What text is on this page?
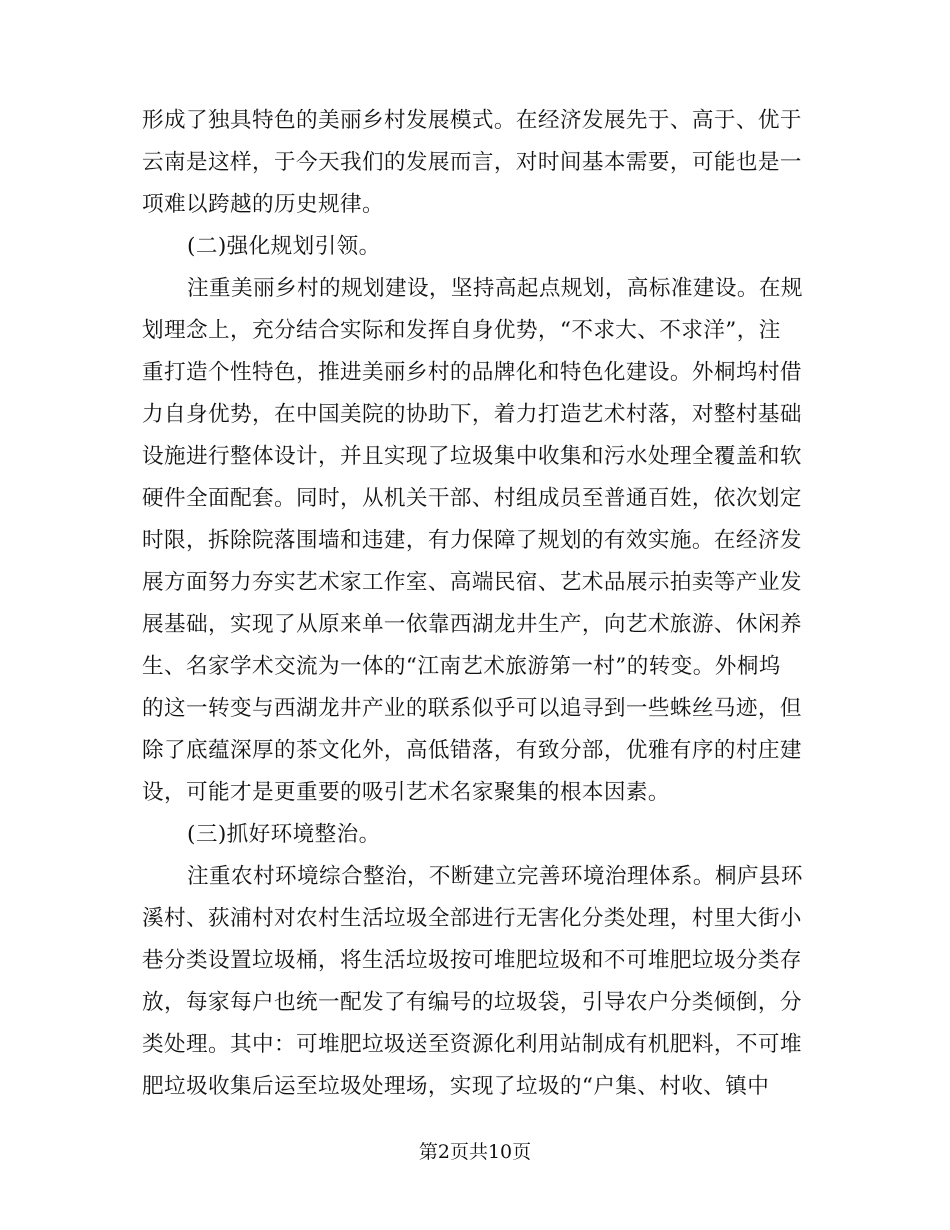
形成了独具特色的美丽乡村发展模式。在经济发展先于、高于、优于
云南是这样，于今天我们的发展而言，对时间基本需要，可能也是一
项难以跨越的历史规律。
(二)强化规划引领。
注重美丽乡村的规划建设，坚持高起点规划，高标准建设。在规
划理念上，充分结合实际和发挥自身优势，“不求大、不求洋”，注
重打造个性特色，推进美丽乡村的品牌化和特色化建设。外桐坞村借
力自身优势，在中国美院的协助下，着力打造艺术村落，对整村基础
设施进行整体设计，并且实现了垃圾集中收集和污水处理全覆盖和软
硬件全面配套。同时，从机关干部、村组成员至普通百姓，依次划定
时限，拆除院落围墙和违建，有力保障了规划的有效实施。在经济发
展方面努力夯实艺术家工作室、高端民宿、艺术品展示拍卖等产业发
展基础，实现了从原来单一依靠西湖龙井生产，向艺术旅游、休闲养
生、名家学术交流为一体的“江南艺术旅游第一村”的转变。外桐坞
的这一转变与西湖龙井产业的联系似乎可以追寻到一些蛛丝马迹，但
除了底蕴深厚的茶文化外，高低错落，有致分部，优雅有序的村庄建
设，可能才是更重要的吸引艺术名家聚集的根本因素。
(三)抓好环境整治。
注重农村环境综合整治，不断建立完善环境治理体系。桐庐县环
溪村、荻浦村对农村生活垃圾全部进行无害化分类处理，村里大街小
巷分类设置垃圾桶，将生活垃圾按可堆肥垃圾和不可堆肥垃圾分类存
放，每家每户也统一配发了有编号的垃圾袋，引导农户分类倾倒，分
类处理。其中：可堆肥垃圾送至资源化利用站制成有机肥料，不可堆
肥垃圾收集后运至垃圾处理场，实现了垃圾的“户集、村收、镇中
第2页共10页
